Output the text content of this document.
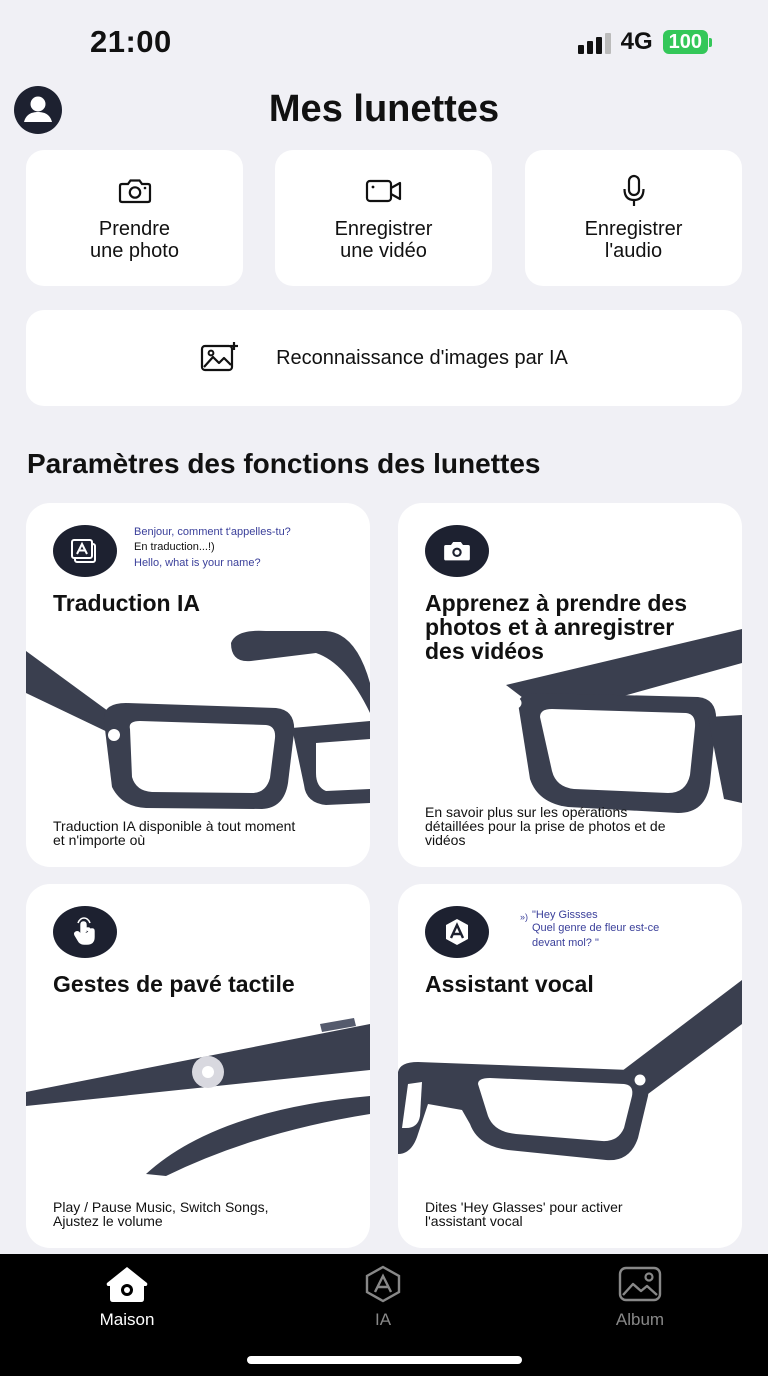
21:00	4G 100
Mes lunettes
Prendre
une photo
Enregistrer
une vidéo
Enregistrer
l'audio
Reconnaissance d'images par IA
Paramètres des fonctions des lunettes
Benjour, comment t'appelles-tu?
En traduction...!)
Hello, what is your name?
Traduction IA
Traduction IA disponible à tout moment
et n'importe où
Apprenez à prendre des
photos et à anregistrer
des vidéos
En savoir plus sur les opérations
détaillées pour la prise de photos et de
vidéos
Gestes de pavé tactile
Play / Pause Music, Switch Songs,
Ajustez le volume
») "Hey Gissses
Quel genre de fleur est-ce
devant mol? "
Assistant vocal
Dites 'Hey Glasses' pour activer
l'assistant vocal
Maison	IA	Album
